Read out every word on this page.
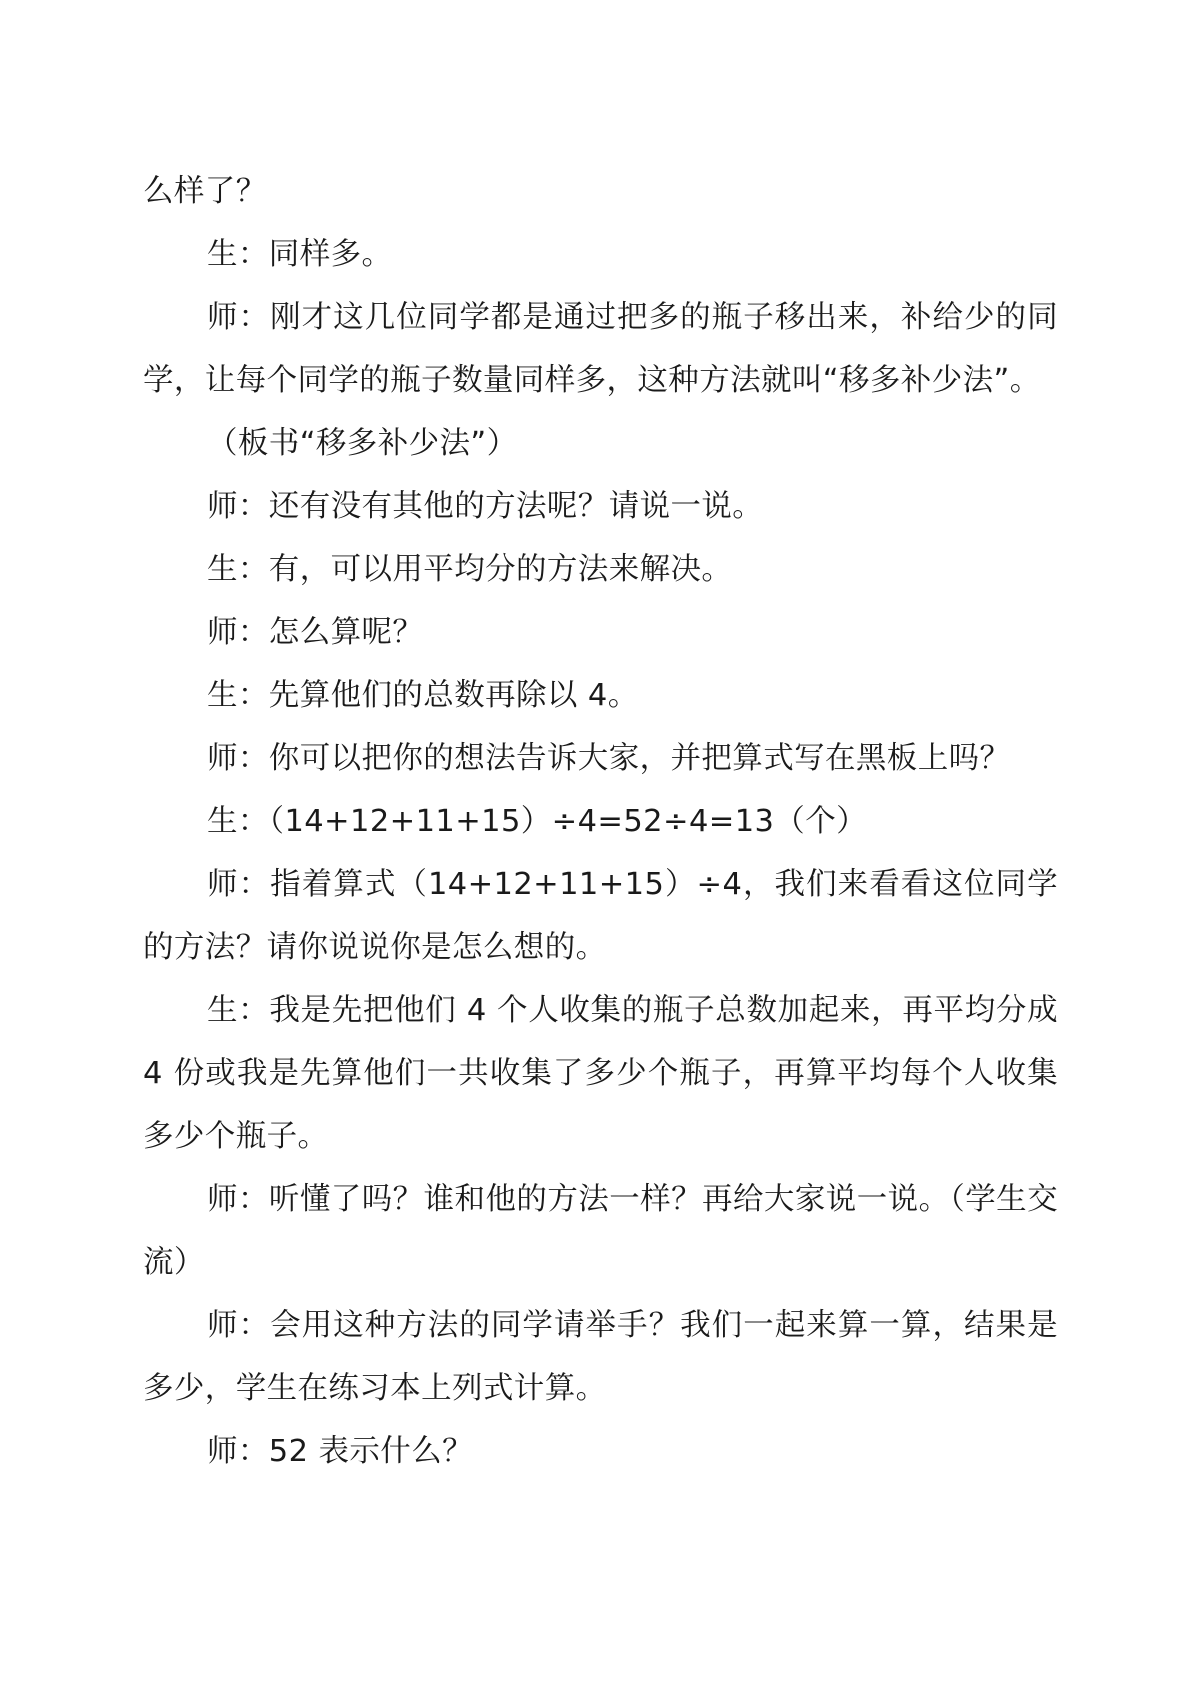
么样了？

生：同样多。

师：刚才这几位同学都是通过把多的瓶子移出来，补给少的同学，让每个同学的瓶子数量同样多，这种方法就叫“移多补少法”。

（板书“移多补少法”）

师：还有没有其他的方法呢？请说一说。

生：有，可以用平均分的方法来解决。

师：怎么算呢？

生：先算他们的总数再除以 4。

师：你可以把你的想法告诉大家，并把算式写在黑板上吗？

生：（14+12+11+15）÷4=52÷4=13（个）

师：指着算式（14+12+11+15）÷4，我们来看看这位同学的方法？请你说说你是怎么想的。

生：我是先把他们 4 个人收集的瓶子总数加起来，再平均分成 4 份或我是先算他们一共收集了多少个瓶子，再算平均每个人收集多少个瓶子。

师：听懂了吗？谁和他的方法一样？再给大家说一说。（学生交流）

师：会用这种方法的同学请举手？我们一起来算一算，结果是多少，学生在练习本上列式计算。

师：52 表示什么？
